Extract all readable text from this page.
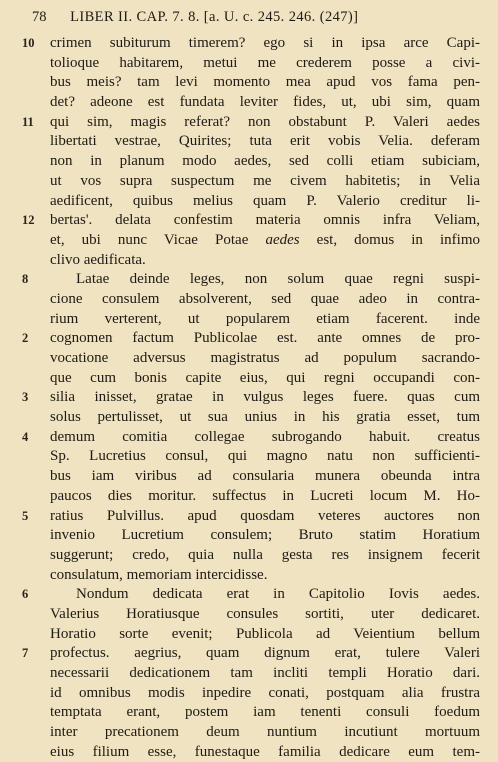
78 LIBER II. CAP. 7. 8. [a. U. c. 245. 246. (247)]
10	crimen subiturum timerem? ego si in ipsa arce Capi-
tolioque habitarem, metui me crederem posse a civi-
bus meis? tam levi momento mea apud vos fama pen-
det? adeone est fundata leviter fides, ut, ubi sim, quam
11	qui sim, magis referat? non obstabunt P. Valeri aedes
libertati vestrae, Quirites; tuta erit vobis Velia. deferam
non in planum modo aedes, sed colli etiam subiciam,
ut vos supra suspectum me civem habitetis; in Velia
aedificent, quibus melius quam P. Valerio creditur li-
12	bertas'. delata confestim materia omnis infra Veliam,
et, ubi nunc Vicae Potae aedes est, domus in infimo
clivo aedificata.
8	Latae deinde leges, non solum quae regni suspi-
cione consulem absolverent, sed quae adeo in contra-
rium verterent, ut popularem etiam facerent. inde
2	cognomen factum Publicolae est. ante omnes de pro-
vocatione adversus magistratus ad populum sacrando-
que cum bonis capite eius, qui regni occupandi con-
3	silia inisset, gratae in vulgus leges fuere. quas cum
solus pertulisset, ut sua unius in his gratia esset, tum
4	demum comitia collegae subrogando habuit. creatus
Sp. Lucretius consul, qui magno natu non sufficienti-
bus iam viribus ad consularia munera obeunda intra
paucos dies moritur. suffectus in Lucreti locum M. Ho-
5	ratius Pulvillus. apud quosdam veteres auctores non
invenio Lucretium consulem; Bruto statim Horatium
suggerunt; credo, quia nulla gesta res insignem fecerit
consulatum, memoriam intercidisse.
6	Nondum dedicata erat in Capitolio Iovis aedes.
Valerius Horatiusque consules sortiti, uter dedicaret.
Horatio sorte evenit; Publicola ad Veientium bellum
7	profectus. aegrius, quam dignum erat, tulere Valeri
necessarii dedicationem tam incliti templi Horatio dari.
id omnibus modis inpedire conati, postquam alia frustra
temptata erant, postem iam tenenti consuli foedum
inter precationem deum nuntium incutiunt mortuum
eius filium esse, funestaque familia dedicare eum tem-
